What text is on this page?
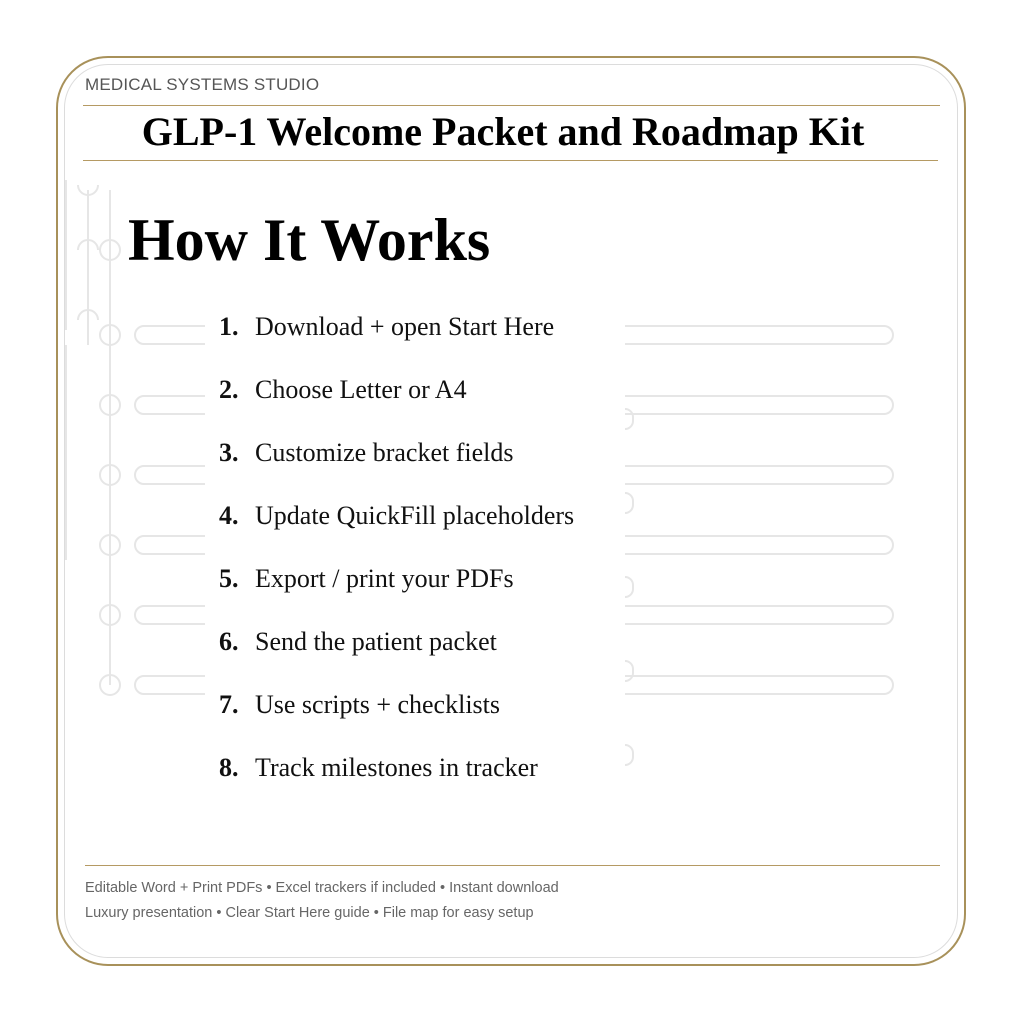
MEDICAL SYSTEMS STUDIO
GLP-1 Welcome Packet and Roadmap Kit
How It Works
1. Download + open Start Here
2. Choose Letter or A4
3. Customize bracket fields
4. Update QuickFill placeholders
5. Export / print your PDFs
6. Send the patient packet
7. Use scripts + checklists
8. Track milestones in tracker
Editable Word + Print PDFs • Excel trackers if included • Instant download
Luxury presentation • Clear Start Here guide • File map for easy setup
